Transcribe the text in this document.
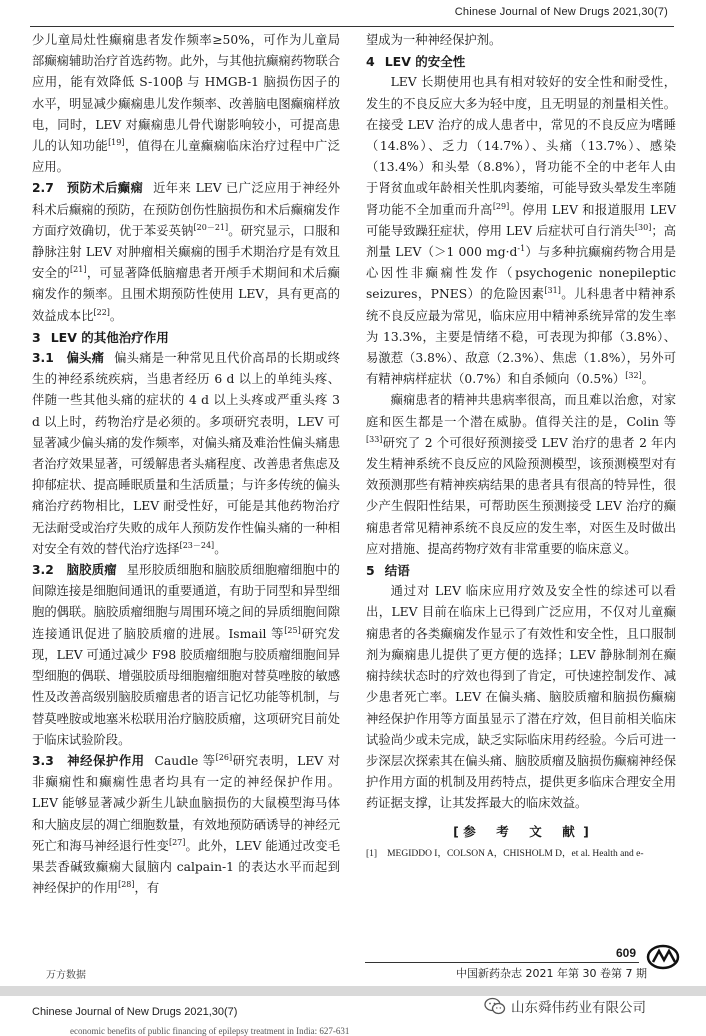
Chinese Journal of New Drugs 2021,30(7)

少儿童局灶性癫痫患者发作频率≥50%，可作为儿童局部癫痫辅助治疗首选药物。此外，与其他抗癫痫药物联合应用，能有效降低 S-100β 与 HMGB-1 脑损伤因子的水平，明显减少癫痫患儿发作频率、改善脑电图癫痫样放电，同时，LEV 对癫痫患儿骨代谢影响较小，可提高患儿的认知功能[19]，值得在儿童癫痫临床治疗过程中广泛应用。

2.7　预防术后癫痫 近年来 LEV 已广泛应用于神经外科术后癫痫的预防，在预防创伤性脑损伤和术后癫痫发作方面疗效确切，优于苯妥英钠[20－21]。研究显示，口服和静脉注射 LEV 对肿瘤相关癫痫的围手术期治疗是有效且安全的[21]，可显著降低脑瘤患者开颅手术期间和术后癫痫发作的频率。且围术期预防性使用 LEV，具有更高的效益成本比[22]。

3 LEV 的其他治疗作用

3.1　偏头痛 偏头痛是一种常见且代价高昂的长期或终生的神经系统疾病，当患者经历 6 d 以上的单纯头疼、伴随一些其他头痛的症状的 4 d 以上头疼或严重头疼 3 d 以上时，药物治疗是必须的。多项研究表明，LEV 可显著减少偏头痛的发作频率，对偏头痛及难治性偏头痛患者治疗效果显著，可缓解患者头痛程度、改善患者焦虑及抑郁症状、提高睡眠质量和生活质量；与许多传统的偏头痛治疗药物相比，LEV 耐受性好，可能是其他药物治疗无法耐受或治疗失败的成年人预防发作性偏头痛的一种相对安全有效的替代治疗选择[23－24]。

3.2　脑胶质瘤 星形胶质细胞和脑胶质细胞瘤细胞中的间隙连接是细胞间通讯的重要通道，有助于同型和异型细胞的偶联。脑胶质瘤细胞与周围环境之间的异质细胞间隙连接通讯促进了脑胶质瘤的进展。Ismail 等[25]研究发现，LEV 可通过减少 F98 胶质瘤细胞与胶质瘤细胞间异型细胞的偶联、增强胶质母细胞瘤细胞对替莫唑胺的敏感性及改善高级别脑胶质瘤患者的语言记忆功能等机制，与替莫唑胺或地塞米松联用治疗脑胶质瘤，这项研究目前处于临床试验阶段。

3.3　神经保护作用 Caudle 等[26]研究表明，LEV 对非癫痫性和癫痫性患者均具有一定的神经保护作用。LEV 能够显著减少新生儿缺血脑损伤的大鼠模型海马体和大脑皮层的凋亡细胞数量，有效地预防硒诱导的神经元死亡和海马神经退行性变[27]。此外，LEV 能通过改变毛果芸香碱致癫痫大鼠脑内 calpain-1 的表达水平而起到神经保护的作用[28]，有

望成为一种神经保护剂。

4 LEV 的安全性

LEV 长期使用也具有相对较好的安全性和耐受性，发生的不良反应大多为轻中度，且无明显的剂量相关性。在接受 LEV 治疗的成人患者中，常见的不良反应为嗜睡（14.8%）、乏力（14.7%）、头痛（13.7%）、感染（13.4%）和头晕（8.8%），肾功能不全的中老年人由于肾贫血或年龄相关性肌肉萎缩，可能导致头晕发生率随肾功能不全加重而升高[29]。停用 LEV 和报道服用 LEV 可能导致躁狂症状，停用 LEV 后症状可自行消失[30]；高剂量 LEV（＞1 000 $mg\cdot d^{-1}$）与多种抗癫痫药物合用是心因性非癫痫性发作（psychogenic nonepileptic seizures，PNES）的危险因素[31]。儿科患者中精神系统不良反应最为常见，临床应用中精神系统异常的发生率为 13.3%，主要是情绪不稳，可表现为抑郁（3.8%）、易激惹（3.8%）、敌意（2.3%）、焦虑（1.8%），另外可有精神病样症状（0.7%）和自杀倾向（0.5%）[32]。

癫痫患者的精神共患病率很高，而且难以治愈，对家庭和医生都是一个潜在威胁。值得关注的是，Colin 等[33]研究了 2 个可很好预测接受 LEV 治疗的患者 2 年内发生精神系统不良反应的风险预测模型，该预测模型对有效预测那些有精神疾病结果的患者具有很高的特异性，很少产生假阳性结果，可帮助医生预测接受 LEV 治疗的癫痫患者常见精神系统不良反应的发生率，对医生及时做出应对措施、提高药物疗效有非常重要的临床意义。

5 结语

通过对 LEV 临床应用疗效及安全性的综述可以看出，LEV 目前在临床上已得到广泛应用，不仅对儿童癫痫患者的各类癫痫发作显示了有效性和安全性，且口服制剂为癫痫患儿提供了更方便的选择；LEV 静脉制剂在癫痫持续状态时的疗效也得到了肯定，可快速控制发作、减少患者死亡率。LEV 在偏头痛、脑胶质瘤和脑损伤癫痫神经保护作用等方面虽显示了潜在疗效，但目前相关临床试验尚少或未完成，缺乏实际临床用药经验。今后可进一步深层次探索其在偏头痛、脑胶质瘤及脑损伤癫痫神经保护作用方面的机制及用药特点，提供更多临床合理安全用药证据支撑，让其发挥最大的临床效益。

[ 参　考　文　献 ]
[1] MEGIDDO I，COLSON A，CHISHOLM D，et al. Health and e-
609
中国新药杂志 2021 年第 30 卷第 7 期
万方数据
Chinese Journal of New Drugs 2021,30(7)
economic benefits of public financing of epilepsy treatment in India: 627-631
山东舜伟药业有限公司
